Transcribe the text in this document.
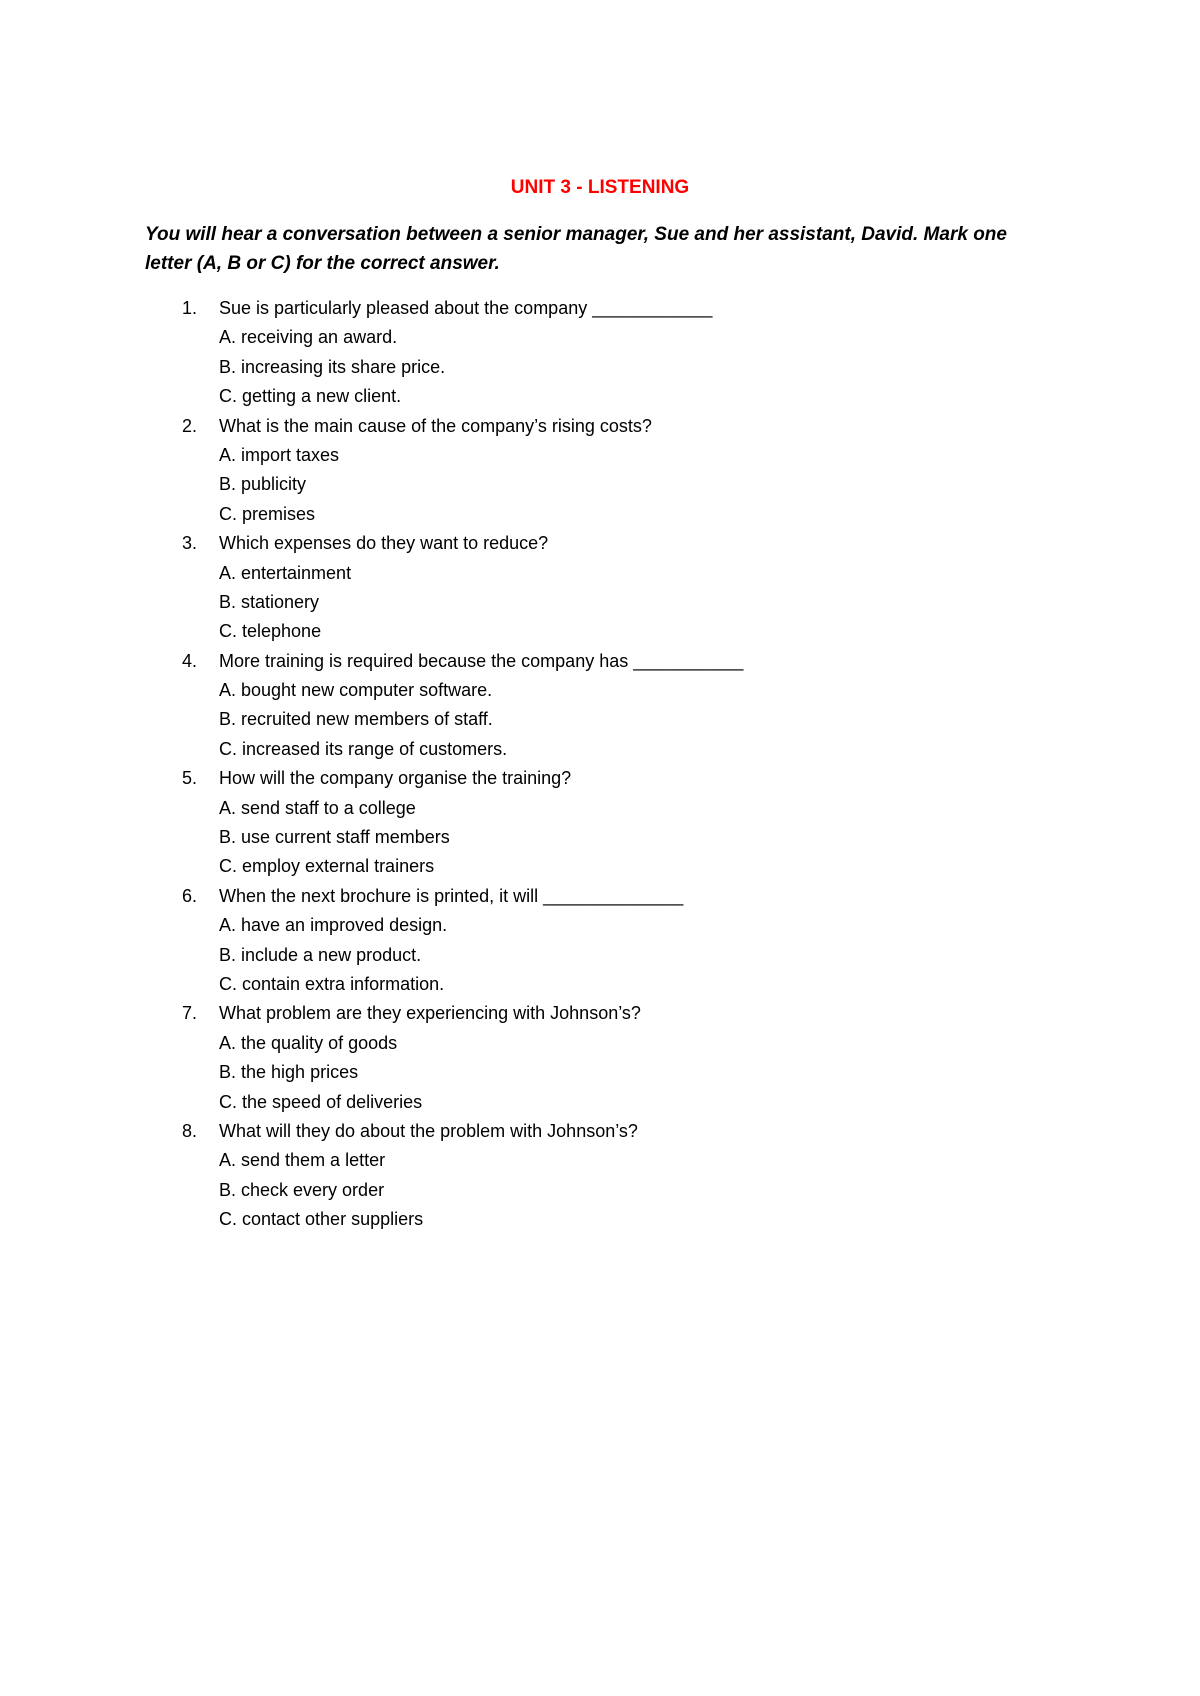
UNIT 3 - LISTENING
You will hear a conversation between a senior manager, Sue and her assistant, David. Mark one letter (A, B or C) for the correct answer.
1. Sue is particularly pleased about the company ____________
A. receiving an award.
B. increasing its share price.
C. getting a new client.
2. What is the main cause of the company’s rising costs?
A. import taxes
B. publicity
C. premises
3. Which expenses do they want to reduce?
A. entertainment
B. stationery
C. telephone
4. More training is required because the company has ___________
A. bought new computer software.
B. recruited new members of staff.
C. increased its range of customers.
5. How will the company organise the training?
A. send staff to a college
B. use current staff members
C. employ external trainers
6. When the next brochure is printed, it will ______________
A. have an improved design.
B. include a new product.
C. contain extra information.
7. What problem are they experiencing with Johnson’s?
A. the quality of goods
B. the high prices
C. the speed of deliveries
8. What will they do about the problem with Johnson’s?
A. send them a letter
B. check every order
C. contact other suppliers
